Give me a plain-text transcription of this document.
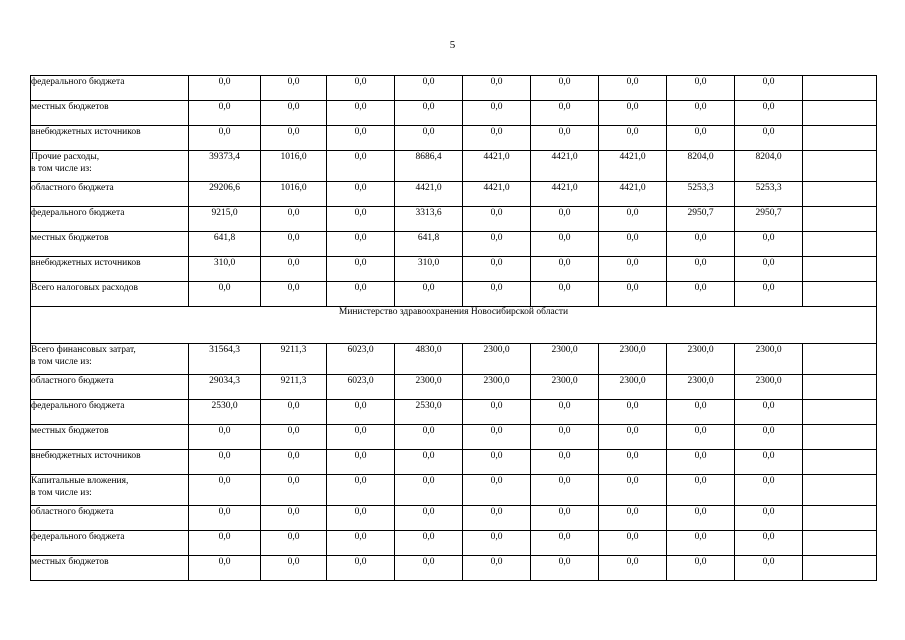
5
федерального бюджета	0,0	0,0	0,0	0,0	0,0	0,0	0,0	0,0	0,0	
местных бюджетов	0,0	0,0	0,0	0,0	0,0	0,0	0,0	0,0	0,0	
внебюджетных источников	0,0	0,0	0,0	0,0	0,0	0,0	0,0	0,0	0,0	
Прочие расходы,
в том числе из:	39373,4	1016,0	0,0	8686,4	4421,0	4421,0	4421,0	8204,0	8204,0	
областного бюджета	29206,6	1016,0	0,0	4421,0	4421,0	4421,0	4421,0	5253,3	5253,3	
федерального бюджета	9215,0	0,0	0,0	3313,6	0,0	0,0	0,0	2950,7	2950,7	
местных бюджетов	641,8	0,0	0,0	641,8	0,0	0,0	0,0	0,0	0,0	
внебюджетных источников	310,0	0,0	0,0	310,0	0,0	0,0	0,0	0,0	0,0	
Всего налоговых расходов	0,0	0,0	0,0	0,0	0,0	0,0	0,0	0,0	0,0	
Министерство здравоохранения Новосибирской области										
Всего финансовых затрат,
в том числе из:	31564,3	9211,3	6023,0	4830,0	2300,0	2300,0	2300,0	2300,0	2300,0	
областного бюджета	29034,3	9211,3	6023,0	2300,0	2300,0	2300,0	2300,0	2300,0	2300,0	
федерального бюджета	2530,0	0,0	0,0	2530,0	0,0	0,0	0,0	0,0	0,0	
местных бюджетов	0,0	0,0	0,0	0,0	0,0	0,0	0,0	0,0	0,0	
внебюджетных источников	0,0	0,0	0,0	0,0	0,0	0,0	0,0	0,0	0,0	
Капитальные вложения,
в том числе из:	0,0	0,0	0,0	0,0	0,0	0,0	0,0	0,0	0,0	
областного бюджета	0,0	0,0	0,0	0,0	0,0	0,0	0,0	0,0	0,0	
федерального бюджета	0,0	0,0	0,0	0,0	0,0	0,0	0,0	0,0	0,0	
местных бюджетов	0,0	0,0	0,0	0,0	0,0	0,0	0,0	0,0	0,0	
